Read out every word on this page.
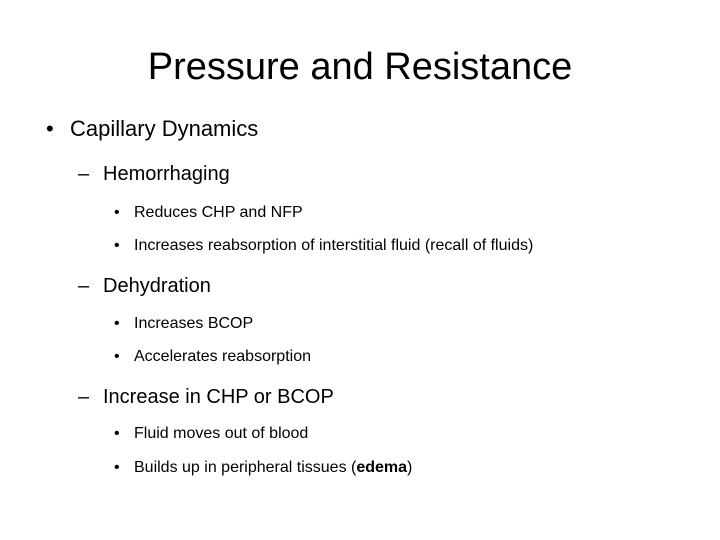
Pressure and Resistance
• Capillary Dynamics
– Hemorrhaging
• Reduces CHP and NFP
• Increases reabsorption of interstitial fluid (recall of fluids)
– Dehydration
• Increases BCOP
• Accelerates reabsorption
– Increase in CHP or BCOP
• Fluid moves out of blood
• Builds up in peripheral tissues (edema)
